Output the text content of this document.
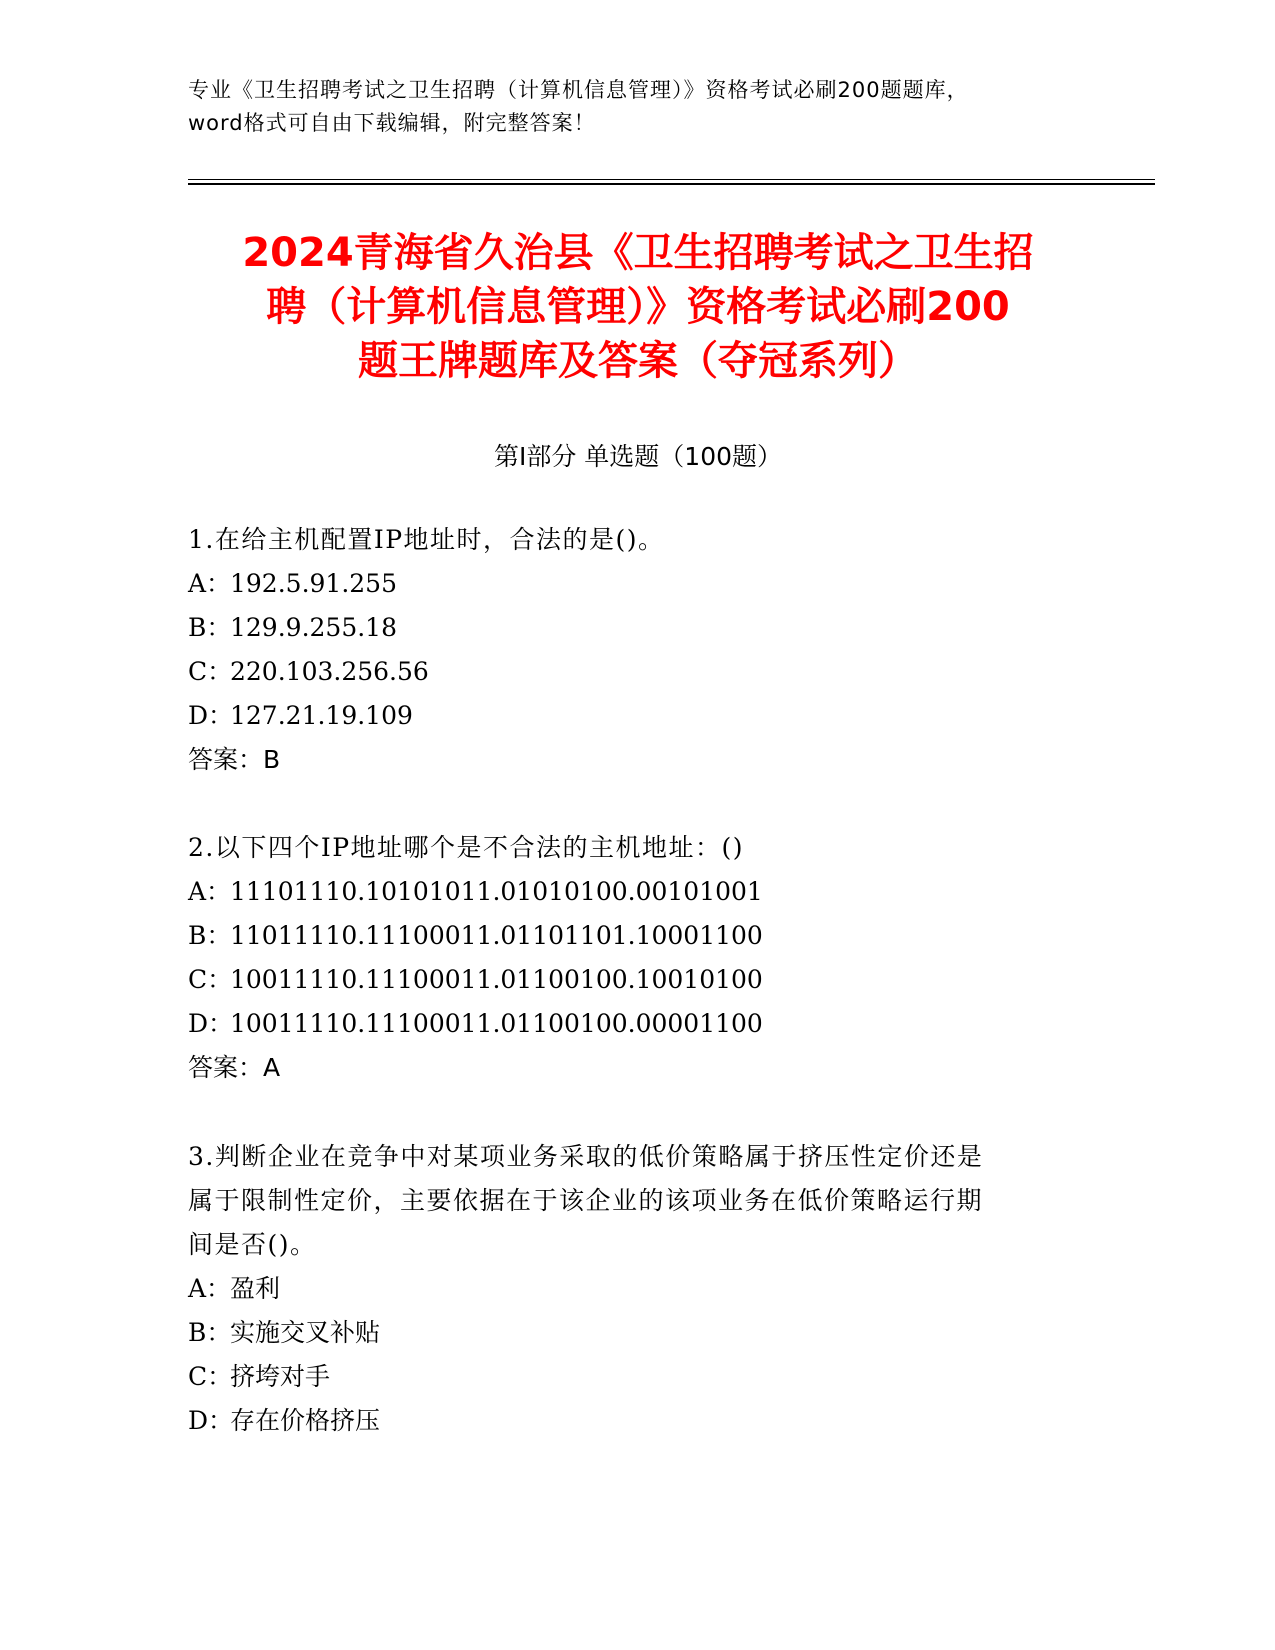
专业《卫生招聘考试之卫生招聘（计算机信息管理）》资格考试必刷200题题库，
word格式可自由下载编辑，附完整答案！
2024青海省久治县《卫生招聘考试之卫生招
聘（计算机信息管理）》资格考试必刷200
题王牌题库及答案（夺冠系列）
第I部分 单选题（100题）
1.在给主机配置IP地址时，合法的是()。
A：192.5.91.255
B：129.9.255.18
C：220.103.256.56
D：127.21.19.109
答案：B
2.以下四个IP地址哪个是不合法的主机地址：()
A：11101110.10101011.01010100.00101001
B：11011110.11100011.01101101.10001100
C：10011110.11100011.01100100.10010100
D：10011110.11100011.01100100.00001100
答案：A
3.判断企业在竞争中对某项业务采取的低价策略属于挤压性定价还是
属于限制性定价，主要依据在于该企业的该项业务在低价策略运行期
间是否()。
A：盈利
B：实施交叉补贴
C：挤垮对手
D：存在价格挤压
